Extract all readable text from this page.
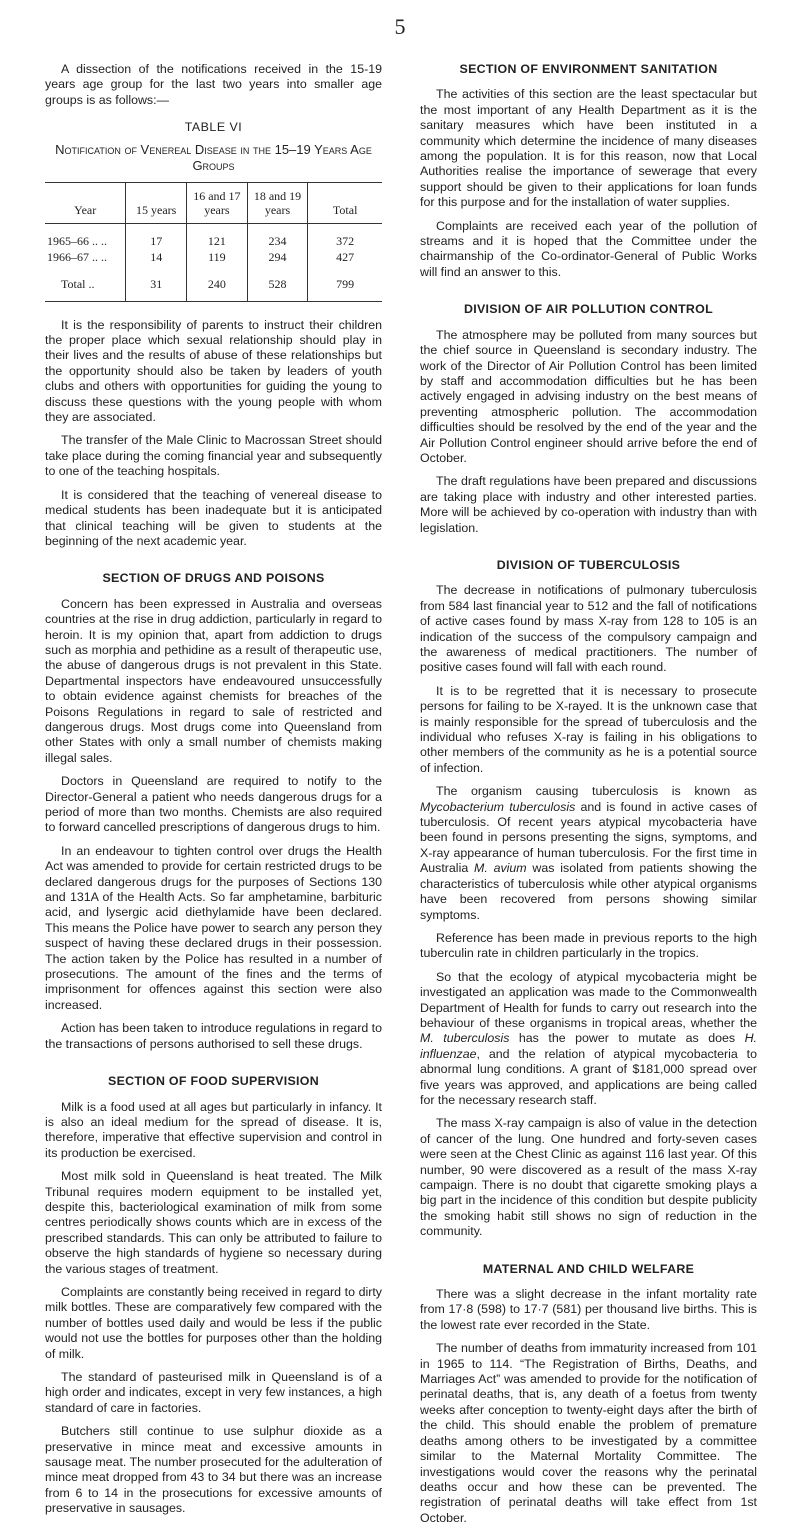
5

A dissection of the notifications received in the 15-19 years age group for the last two years into smaller age groups is as follows:—

TABLE VI
Notification of Venereal Disease in the 15–19 Years Age Groups
Year	15 years	16 and 17 years	18 and 19 years	Total
1965–66 .. ..	17	121	234	372
1966–67 .. ..	14	119	294	427
Total ..	31	240	528	799

It is the responsibility of parents to instruct their children the proper place which sexual relationship should play in their lives and the results of abuse of these relationships but the opportunity should also be taken by leaders of youth clubs and others with opportunities for guiding the young to discuss these questions with the young people with whom they are associated.

The transfer of the Male Clinic to Macrossan Street should take place during the coming financial year and subsequently to one of the teaching hospitals.

It is considered that the teaching of venereal disease to medical students has been inadequate but it is anticipated that clinical teaching will be given to students at the beginning of the next academic year.

SECTION OF DRUGS AND POISONS

Concern has been expressed in Australia and overseas countries at the rise in drug addiction, particularly in regard to heroin. It is my opinion that, apart from addiction to drugs such as morphia and pethidine as a result of therapeutic use, the abuse of dangerous drugs is not prevalent in this State. Departmental inspectors have endeavoured unsuccessfully to obtain evidence against chemists for breaches of the Poisons Regulations in regard to sale of restricted and dangerous drugs. Most drugs come into Queensland from other States with only a small number of chemists making illegal sales.

Doctors in Queensland are required to notify to the Director-General a patient who needs dangerous drugs for a period of more than two months. Chemists are also required to forward cancelled prescriptions of dangerous drugs to him.

In an endeavour to tighten control over drugs the Health Act was amended to provide for certain restricted drugs to be declared dangerous drugs for the purposes of Sections 130 and 131A of the Health Acts. So far amphetamine, barbituric acid, and lysergic acid diethylamide have been declared. This means the Police have power to search any person they suspect of having these declared drugs in their possession. The action taken by the Police has resulted in a number of prosecutions. The amount of the fines and the terms of imprisonment for offences against this section were also increased.

Action has been taken to introduce regulations in regard to the transactions of persons authorised to sell these drugs.

SECTION OF FOOD SUPERVISION

Milk is a food used at all ages but particularly in infancy. It is also an ideal medium for the spread of disease. It is, therefore, imperative that effective supervision and control in its production be exercised.

Most milk sold in Queensland is heat treated. The Milk Tribunal requires modern equipment to be installed yet, despite this, bacteriological examination of milk from some centres periodically shows counts which are in excess of the prescribed standards. This can only be attributed to failure to observe the high standards of hygiene so necessary during the various stages of treatment.

Complaints are constantly being received in regard to dirty milk bottles. These are comparatively few compared with the number of bottles used daily and would be less if the public would not use the bottles for purposes other than the holding of milk.

The standard of pasteurised milk in Queensland is of a high order and indicates, except in very few instances, a high standard of care in factories.

Butchers still continue to use sulphur dioxide as a preservative in mince meat and excessive amounts in sausage meat. The number prosecuted for the adulteration of mince meat dropped from 43 to 34 but there was an increase from 6 to 14 in the prosecutions for excessive amounts of preservative in sausages.

SECTION OF ENVIRONMENT SANITATION

The activities of this section are the least spectacular but the most important of any Health Department as it is the sanitary measures which have been instituted in a community which determine the incidence of many diseases among the population. It is for this reason, now that Local Authorities realise the importance of sewerage that every support should be given to their applications for loan funds for this purpose and for the installation of water supplies.

Complaints are received each year of the pollution of streams and it is hoped that the Committee under the chairmanship of the Co-ordinator-General of Public Works will find an answer to this.

DIVISION OF AIR POLLUTION CONTROL

The atmosphere may be polluted from many sources but the chief source in Queensland is secondary industry. The work of the Director of Air Pollution Control has been limited by staff and accommodation difficulties but he has been actively engaged in advising industry on the best means of preventing atmospheric pollution. The accommodation difficulties should be resolved by the end of the year and the Air Pollution Control engineer should arrive before the end of October.

The draft regulations have been prepared and discussions are taking place with industry and other interested parties. More will be achieved by co-operation with industry than with legislation.

DIVISION OF TUBERCULOSIS

The decrease in notifications of pulmonary tuberculosis from 584 last financial year to 512 and the fall of notifications of active cases found by mass X-ray from 128 to 105 is an indication of the success of the compulsory campaign and the awareness of medical practitioners. The number of positive cases found will fall with each round.

It is to be regretted that it is necessary to prosecute persons for failing to be X-rayed. It is the unknown case that is mainly responsible for the spread of tuberculosis and the individual who refuses X-ray is failing in his obligations to other members of the community as he is a potential source of infection.

The organism causing tuberculosis is known as Mycobacterium tuberculosis and is found in active cases of tuberculosis. Of recent years atypical mycobacteria have been found in persons presenting the signs, symptoms, and X-ray appearance of human tuberculosis. For the first time in Australia M. avium was isolated from patients showing the characteristics of tuberculosis while other atypical organisms have been recovered from persons showing similar symptoms.

Reference has been made in previous reports to the high tuberculin rate in children particularly in the tropics.

So that the ecology of atypical mycobacteria might be investigated an application was made to the Commonwealth Department of Health for funds to carry out research into the behaviour of these organisms in tropical areas, whether the M. tuberculosis has the power to mutate as does H. influenzae, and the relation of atypical mycobacteria to abnormal lung conditions. A grant of $181,000 spread over five years was approved, and applications are being called for the necessary research staff.

The mass X-ray campaign is also of value in the detection of cancer of the lung. One hundred and forty-seven cases were seen at the Chest Clinic as against 116 last year. Of this number, 90 were discovered as a result of the mass X-ray campaign. There is no doubt that cigarette smoking plays a big part in the incidence of this condition but despite publicity the smoking habit still shows no sign of reduction in the community.

MATERNAL AND CHILD WELFARE

There was a slight decrease in the infant mortality rate from 17·8 (598) to 17·7 (581) per thousand live births. This is the lowest rate ever recorded in the State.

The number of deaths from immaturity increased from 101 in 1965 to 114. “The Registration of Births, Deaths, and Marriages Act” was amended to provide for the notification of perinatal deaths, that is, any death of a foetus from twenty weeks after conception to twenty-eight days after the birth of the child. This should enable the problem of premature deaths among others to be investigated by a committee similar to the Maternal Mortality Committee. The investigations would cover the reasons why the perinatal deaths occur and how these can be prevented. The registration of perinatal deaths will take effect from 1st October.
